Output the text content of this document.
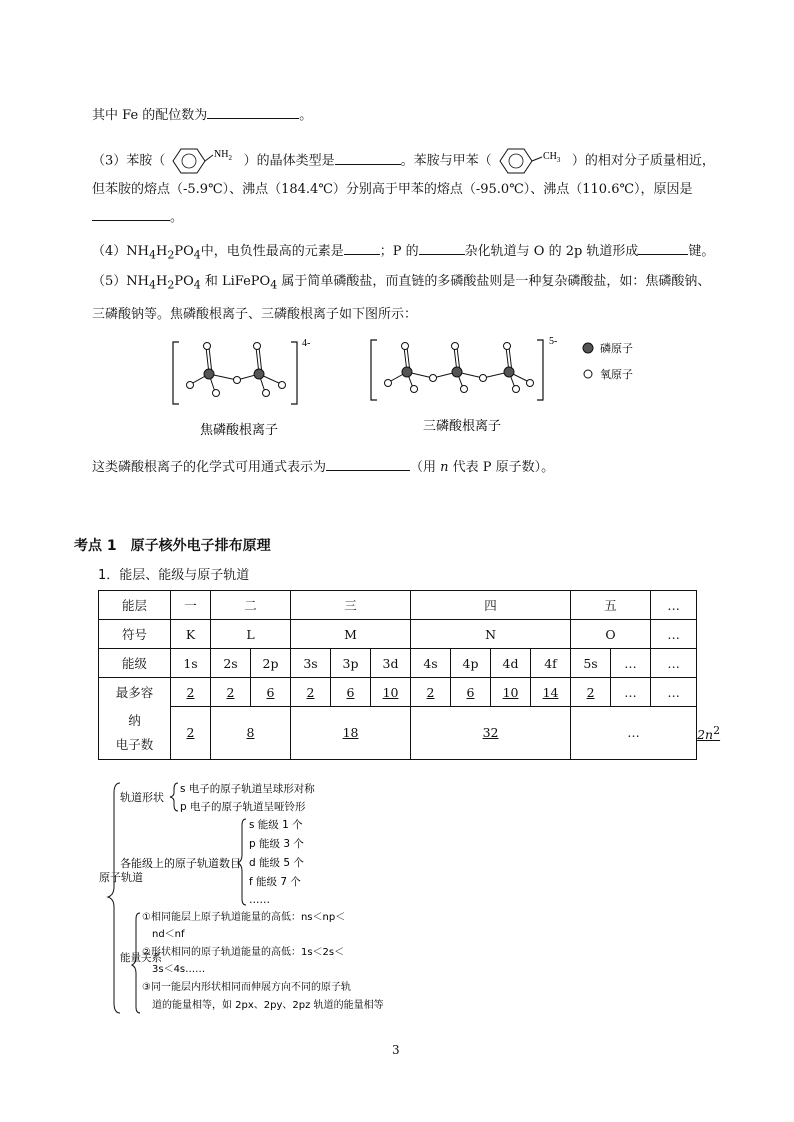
其中 Fe 的配位数为	。
（3）苯胺（	$NH_2$ ）的晶体类型是	。苯胺与甲苯（	$CH_3$ ）的相对分子质量相近，
但苯胺的熔点（-5.9℃）、沸点（184.4℃）分别高于甲苯的熔点（-95.0℃）、沸点（110.6℃），原因是
。
$(4)NH_4H_2PO_4$中，电负性最高的元素是	；P 的	杂化轨道与 O 的 2p 轨道形成	键。
$(5)NH_4H_2PO_4$ 和 LiFePO$_4$ 属于简单磷酸盐，而直链的多磷酸盐则是一种复杂磷酸盐，如：焦磷酸钠、
三磷酸钠等。焦磷酸根离子、三磷酸根离子如下图所示：
4-	5-
磷原子
氧原子
焦磷酸根离子	三磷酸根离子
这类磷酸根离子的化学式可用通式表示为	（用 n 代表 P 原子数）。
考点 1　原子核外电子排布原理
1．能层、能级与原子轨道
能层	一	二		三			四				五		…	
符号	K	L		M			N				O		…	
能级	1s	2s	2p	3s	3p	3d	4s	4p	4d	4f	5s	…	…	
最多容	2	2	6	2	6	10	2	6	10	14	2	…	…	
纳
电子数	2	8		18			32				…			$2n^2$
原子轨道
轨道形状
s 电子的原子轨道呈球形对称
p 电子的原子轨道呈哑铃形
各能级上的原子轨道数目
s 能级 1 个
p 能级 3 个
d 能级 5 个
f 能级 7 个
……
能量关系
①相同能层上原子轨道能量的高低：ns＜np＜
nd＜nf
②形状相同的原子轨道能量的高低：1s＜2s＜
3s＜4s……
③同一能层内形状相同而伸展方向不同的原子轨
道的能量相等，如 2px、2py、2pz 轨道的能量相等
3
